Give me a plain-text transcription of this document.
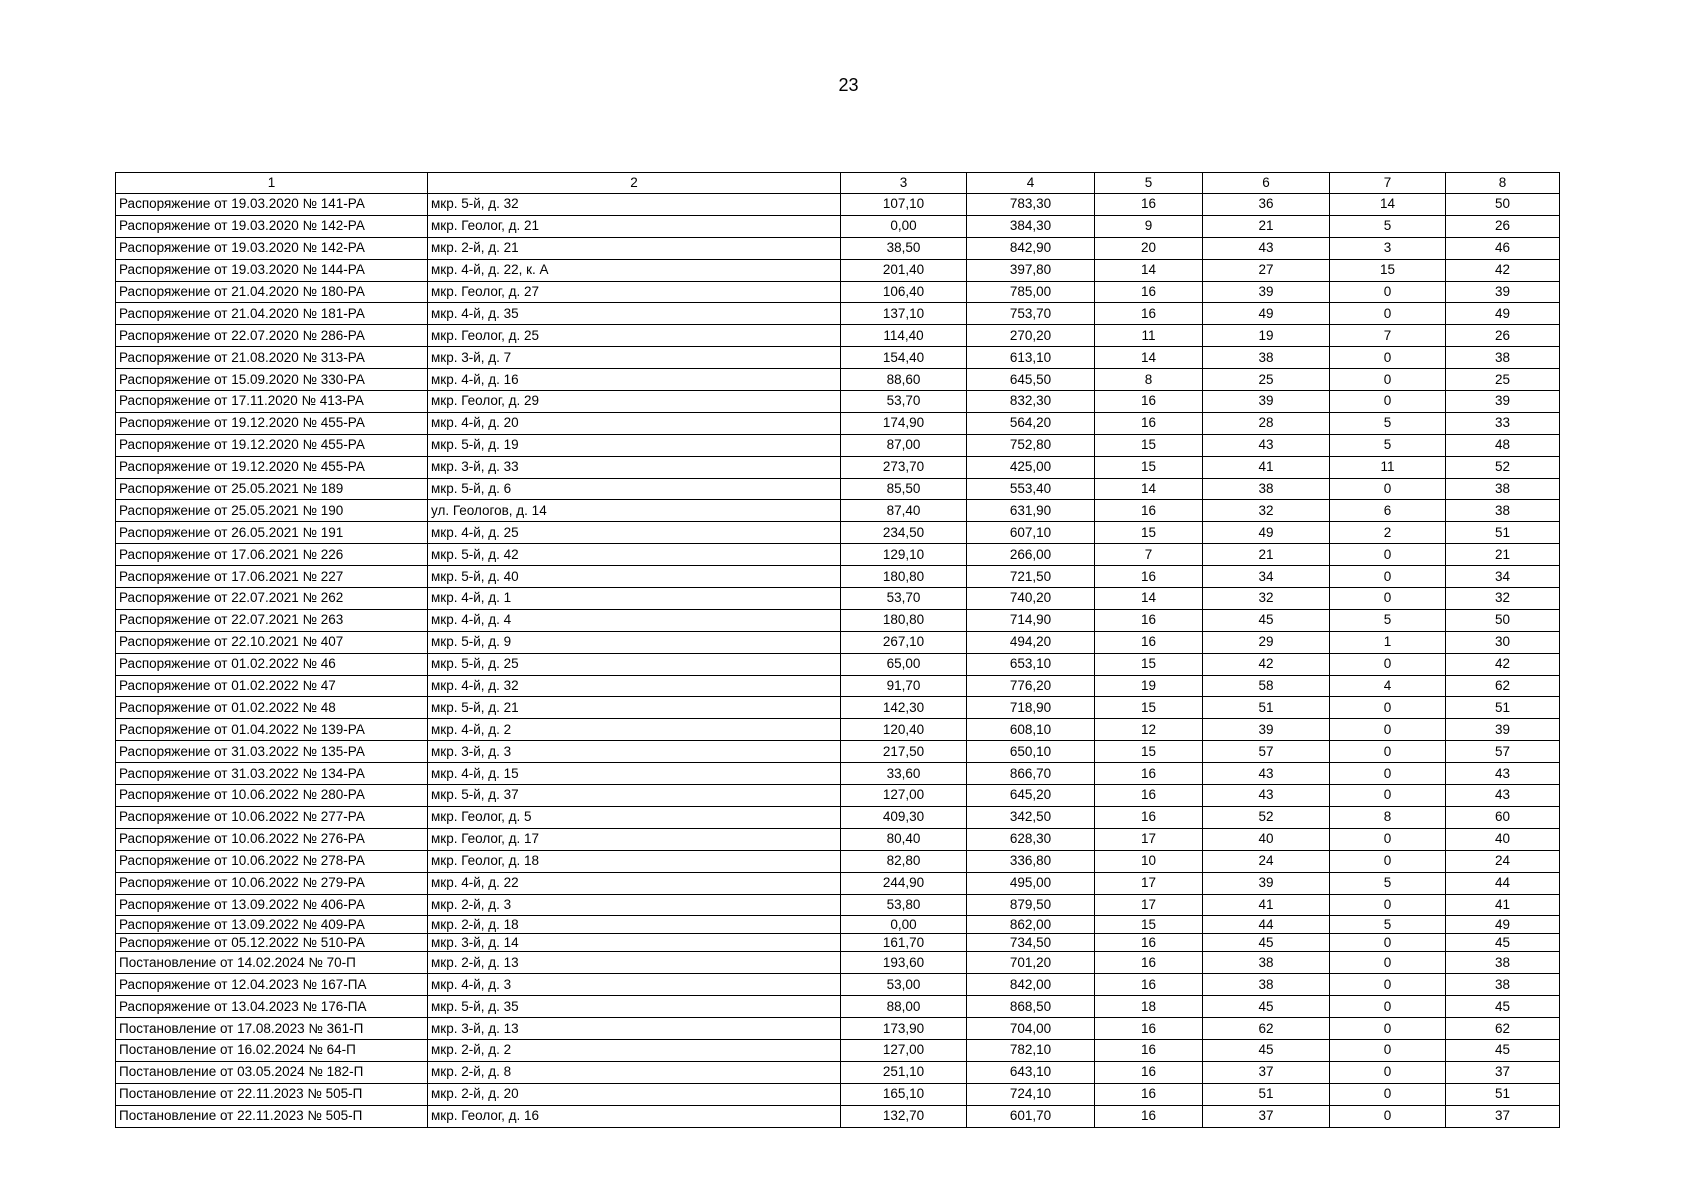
23
1	2	3	4	5	6	7	8
Распоряжение от 19.03.2020 № 141-РА	мкр. 5-й, д. 32	107,10	783,30	16	36	14	50
Распоряжение от 19.03.2020 № 142-РА	мкр. Геолог, д. 21	0,00	384,30	9	21	5	26
Распоряжение от 19.03.2020 № 142-РА	мкр. 2-й, д. 21	38,50	842,90	20	43	3	46
Распоряжение от 19.03.2020 № 144-РА	мкр. 4-й, д. 22, к. А	201,40	397,80	14	27	15	42
Распоряжение от 21.04.2020 № 180-РА	мкр. Геолог, д. 27	106,40	785,00	16	39	0	39
Распоряжение от 21.04.2020 № 181-РА	мкр. 4-й, д. 35	137,10	753,70	16	49	0	49
Распоряжение от 22.07.2020 № 286-РА	мкр. Геолог, д. 25	114,40	270,20	11	19	7	26
Распоряжение от 21.08.2020 № 313-РА	мкр. 3-й, д. 7	154,40	613,10	14	38	0	38
Распоряжение от 15.09.2020 № 330-РА	мкр. 4-й, д. 16	88,60	645,50	8	25	0	25
Распоряжение от 17.11.2020 № 413-РА	мкр. Геолог, д. 29	53,70	832,30	16	39	0	39
Распоряжение от 19.12.2020 № 455-РА	мкр. 4-й, д. 20	174,90	564,20	16	28	5	33
Распоряжение от 19.12.2020 № 455-РА	мкр. 5-й, д. 19	87,00	752,80	15	43	5	48
Распоряжение от 19.12.2020 № 455-РА	мкр. 3-й, д. 33	273,70	425,00	15	41	11	52
Распоряжение от 25.05.2021 № 189	мкр. 5-й, д. 6	85,50	553,40	14	38	0	38
Распоряжение от 25.05.2021 № 190	ул. Геологов, д. 14	87,40	631,90	16	32	6	38
Распоряжение от 26.05.2021 № 191	мкр. 4-й, д. 25	234,50	607,10	15	49	2	51
Распоряжение от 17.06.2021 № 226	мкр. 5-й, д. 42	129,10	266,00	7	21	0	21
Распоряжение от 17.06.2021 № 227	мкр. 5-й, д. 40	180,80	721,50	16	34	0	34
Распоряжение от 22.07.2021 № 262	мкр. 4-й, д. 1	53,70	740,20	14	32	0	32
Распоряжение от 22.07.2021 № 263	мкр. 4-й, д. 4	180,80	714,90	16	45	5	50
Распоряжение от 22.10.2021 № 407	мкр. 5-й, д. 9	267,10	494,20	16	29	1	30
Распоряжение от 01.02.2022 № 46	мкр. 5-й, д. 25	65,00	653,10	15	42	0	42
Распоряжение от 01.02.2022 № 47	мкр. 4-й, д. 32	91,70	776,20	19	58	4	62
Распоряжение от 01.02.2022 № 48	мкр. 5-й, д. 21	142,30	718,90	15	51	0	51
Распоряжение от 01.04.2022 № 139-РА	мкр. 4-й, д. 2	120,40	608,10	12	39	0	39
Распоряжение от 31.03.2022 № 135-РА	мкр. 3-й, д. 3	217,50	650,10	15	57	0	57
Распоряжение от 31.03.2022 № 134-РА	мкр. 4-й, д. 15	33,60	866,70	16	43	0	43
Распоряжение от 10.06.2022 № 280-РА	мкр. 5-й, д. 37	127,00	645,20	16	43	0	43
Распоряжение от 10.06.2022 № 277-РА	мкр. Геолог, д. 5	409,30	342,50	16	52	8	60
Распоряжение от 10.06.2022 № 276-РА	мкр. Геолог, д. 17	80,40	628,30	17	40	0	40
Распоряжение от 10.06.2022 № 278-РА	мкр. Геолог, д. 18	82,80	336,80	10	24	0	24
Распоряжение от 10.06.2022 № 279-РА	мкр. 4-й, д. 22	244,90	495,00	17	39	5	44
Распоряжение от 13.09.2022 № 406-РА	мкр. 2-й, д. 3	53,80	879,50	17	41	0	41
Распоряжение от 13.09.2022 № 409-РА	мкр. 2-й, д. 18	0,00	862,00	15	44	5	49
Распоряжение от 05.12.2022 № 510-РА	мкр. 3-й, д. 14	161,70	734,50	16	45	0	45
Постановление от 14.02.2024 № 70-П	мкр. 2-й, д. 13	193,60	701,20	16	38	0	38
Распоряжение от 12.04.2023 № 167-ПА	мкр. 4-й, д. 3	53,00	842,00	16	38	0	38
Распоряжение от 13.04.2023 № 176-ПА	мкр. 5-й, д. 35	88,00	868,50	18	45	0	45
Постановление от 17.08.2023 № 361-П	мкр. 3-й, д. 13	173,90	704,00	16	62	0	62
Постановление от 16.02.2024 № 64-П	мкр. 2-й, д. 2	127,00	782,10	16	45	0	45
Постановление от 03.05.2024 № 182-П	мкр. 2-й, д. 8	251,10	643,10	16	37	0	37
Постановление от 22.11.2023 № 505-П	мкр. 2-й, д. 20	165,10	724,10	16	51	0	51
Постановление от 22.11.2023 № 505-П	мкр. Геолог, д. 16	132,70	601,70	16	37	0	37
